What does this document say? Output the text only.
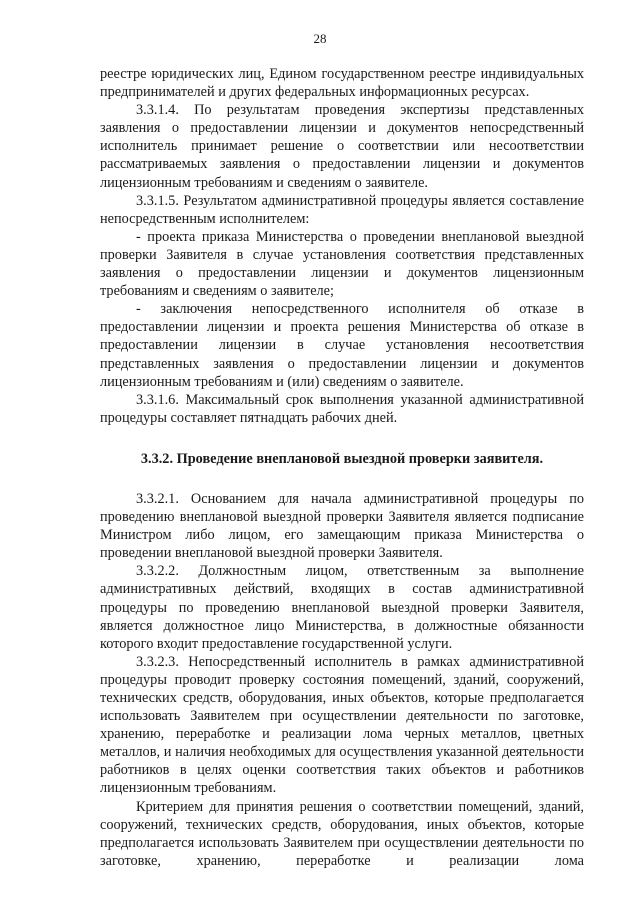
28

реестре юридических лиц, Едином государственном реестре индивидуальных предпринимателей и других федеральных информационных ресурсах.

3.3.1.4. По результатам проведения экспертизы представленных заявления о предоставлении лицензии и документов непосредственный исполнитель принимает решение о соответствии или несоответствии рассматриваемых заявления о предоставлении лицензии и документов лицензионным требованиям и сведениям о заявителе.

3.3.1.5. Результатом административной процедуры является составление непосредственным исполнителем:

- проекта приказа Министерства о проведении внеплановой выездной проверки Заявителя в случае установления соответствия представленных заявления о предоставлении лицензии и документов лицензионным требованиям и сведениям о заявителе;

- заключения непосредственного исполнителя об отказе в предоставлении лицензии и проекта решения Министерства об отказе в предоставлении лицензии в случае установления несоответствия представленных заявления о предоставлении лицензии и документов лицензионным требованиям и (или) сведениям о заявителе.

3.3.1.6. Максимальный срок выполнения указанной административной процедуры составляет пятнадцать рабочих дней.

3.3.2. Проведение внеплановой выездной проверки заявителя.

3.3.2.1. Основанием для начала административной процедуры по проведению внеплановой выездной проверки Заявителя является подписание Министром либо лицом, его замещающим приказа Министерства о проведении внеплановой выездной проверки Заявителя.

3.3.2.2. Должностным лицом, ответственным за выполнение административных действий, входящих в состав административной процедуры по проведению внеплановой выездной проверки Заявителя, является должностное лицо Министерства, в должностные обязанности которого входит предоставление государственной услуги.

3.3.2.3. Непосредственный исполнитель в рамках административной процедуры проводит проверку состояния помещений, зданий, сооружений, технических средств, оборудования, иных объектов, которые предполагается использовать Заявителем при осуществлении деятельности по заготовке, хранению, переработке и реализации лома черных металлов, цветных металлов, и наличия необходимых для осуществления указанной деятельности работников в целях оценки соответствия таких объектов и работников лицензионным требованиям.

Критерием для принятия решения о соответствии помещений, зданий, сооружений, технических средств, оборудования, иных объектов, которые предполагается использовать Заявителем при осуществлении деятельности по заготовке, хранению, переработке и реализации лома
